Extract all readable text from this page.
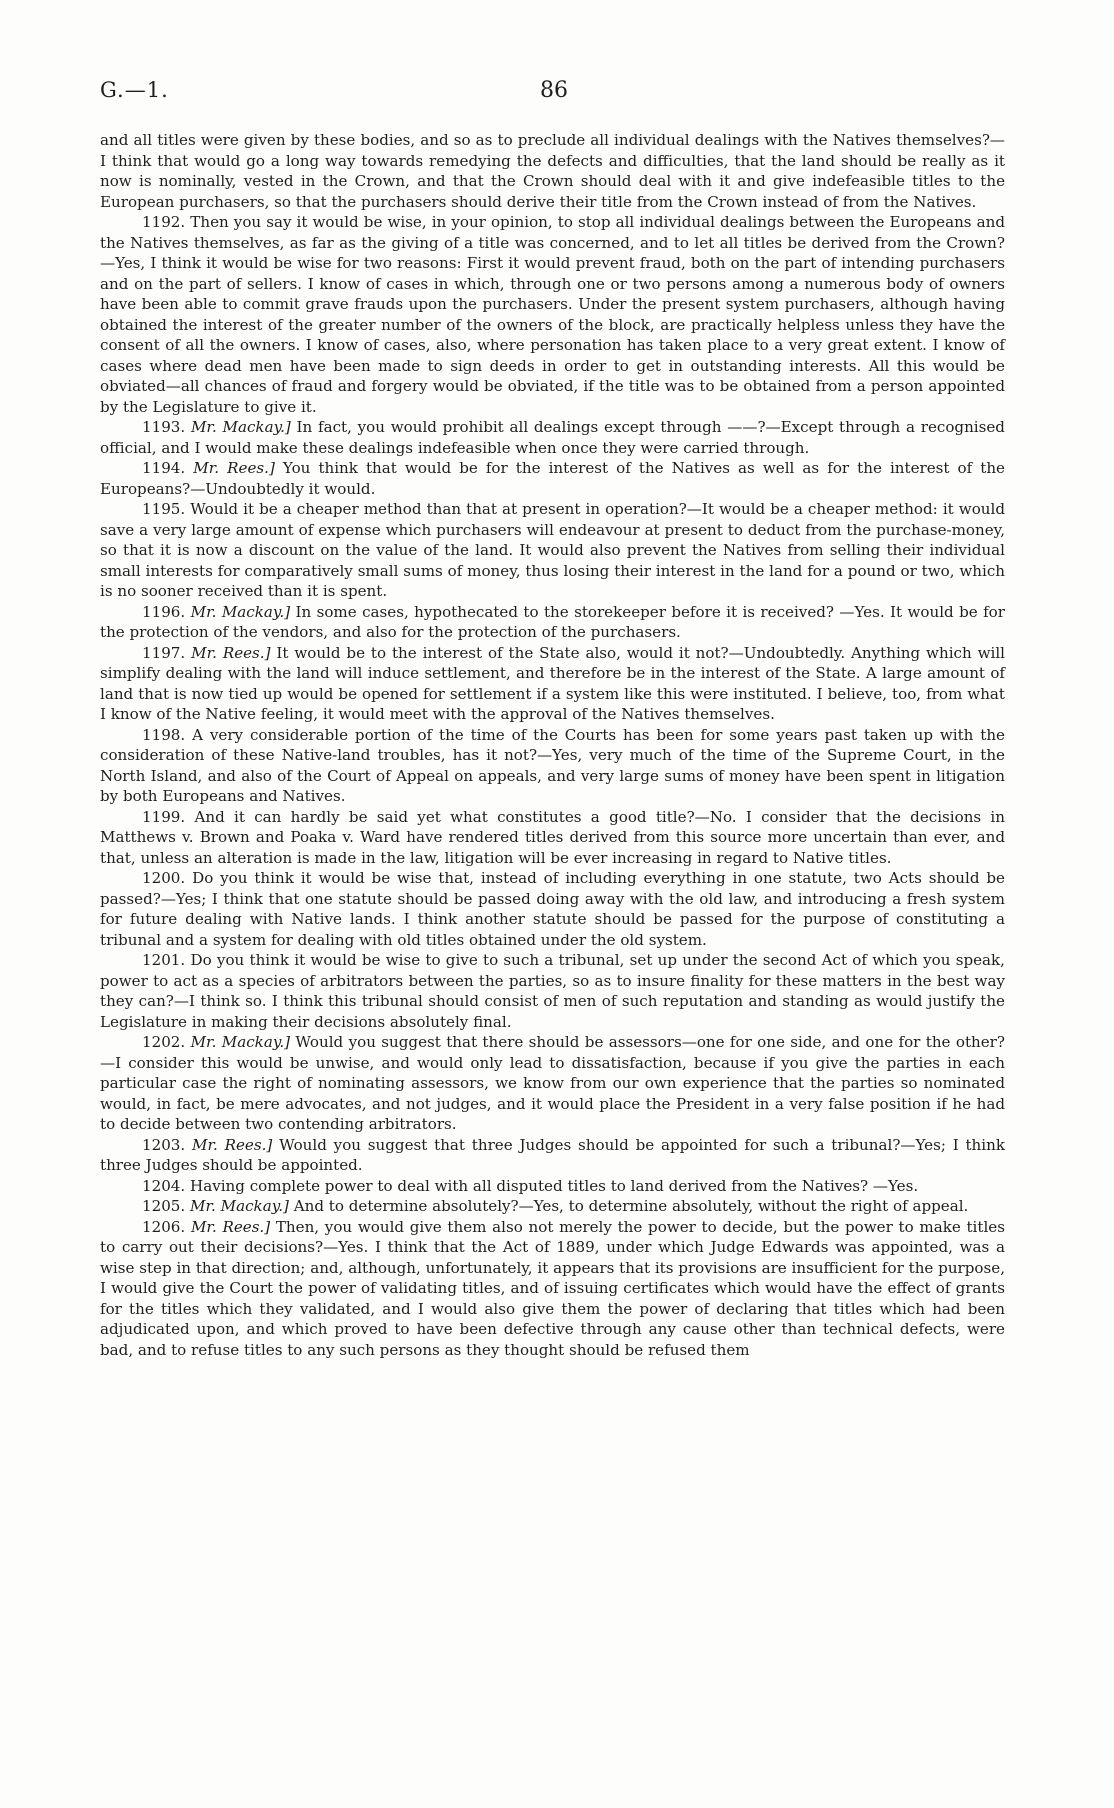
G.—1.	86

and all titles were given by these bodies, and so as to preclude all individual dealings with the Natives themselves?—I think that would go a long way towards remedying the defects and difficulties, that the land should be really as it now is nominally, vested in the Crown, and that the Crown should deal with it and give indefeasible titles to the European purchasers, so that the purchasers should derive their title from the Crown instead of from the Natives.

1192. Then you say it would be wise, in your opinion, to stop all individual dealings between the Europeans and the Natives themselves, as far as the giving of a title was concerned, and to let all titles be derived from the Crown?—Yes, I think it would be wise for two reasons: First it would prevent fraud, both on the part of intending purchasers and on the part of sellers. I know of cases in which, through one or two persons among a numerous body of owners have been able to commit grave frauds upon the purchasers. Under the present system purchasers, although having obtained the interest of the greater number of the owners of the block, are practically helpless unless they have the consent of all the owners. I know of cases, also, where personation has taken place to a very great extent. I know of cases where dead men have been made to sign deeds in order to get in outstanding interests. All this would be obviated—all chances of fraud and forgery would be obviated, if the title was to be obtained from a person appointed by the Legislature to give it.

1193. Mr. Mackay.] In fact, you would prohibit all dealings except through ——?—Except through a recognised official, and I would make these dealings indefeasible when once they were carried through.

1194. Mr. Rees.] You think that would be for the interest of the Natives as well as for the interest of the Europeans?—Undoubtedly it would.

1195. Would it be a cheaper method than that at present in operation?—It would be a cheaper method: it would save a very large amount of expense which purchasers will endeavour at present to deduct from the purchase-money, so that it is now a discount on the value of the land. It would also prevent the Natives from selling their individual small interests for comparatively small sums of money, thus losing their interest in the land for a pound or two, which is no sooner received than it is spent.

1196. Mr. Mackay.] In some cases, hypothecated to the storekeeper before it is received? —Yes. It would be for the protection of the vendors, and also for the protection of the purchasers.

1197. Mr. Rees.] It would be to the interest of the State also, would it not?—Undoubtedly. Anything which will simplify dealing with the land will induce settlement, and therefore be in the interest of the State. A large amount of land that is now tied up would be opened for settlement if a system like this were instituted. I believe, too, from what I know of the Native feeling, it would meet with the approval of the Natives themselves.

1198. A very considerable portion of the time of the Courts has been for some years past taken up with the consideration of these Native-land troubles, has it not?—Yes, very much of the time of the Supreme Court, in the North Island, and also of the Court of Appeal on appeals, and very large sums of money have been spent in litigation by both Europeans and Natives.

1199. And it can hardly be said yet what constitutes a good title?—No. I consider that the decisions in Matthews v. Brown and Poaka v. Ward have rendered titles derived from this source more uncertain than ever, and that, unless an alteration is made in the law, litigation will be ever increasing in regard to Native titles.

1200. Do you think it would be wise that, instead of including everything in one statute, two Acts should be passed?—Yes; I think that one statute should be passed doing away with the old law, and introducing a fresh system for future dealing with Native lands. I think another statute should be passed for the purpose of constituting a tribunal and a system for dealing with old titles obtained under the old system.

1201. Do you think it would be wise to give to such a tribunal, set up under the second Act of which you speak, power to act as a species of arbitrators between the parties, so as to insure finality for these matters in the best way they can?—I think so. I think this tribunal should consist of men of such reputation and standing as would justify the Legislature in making their decisions absolutely final.

1202. Mr. Mackay.] Would you suggest that there should be assessors—one for one side, and one for the other?—I consider this would be unwise, and would only lead to dissatisfaction, because if you give the parties in each particular case the right of nominating assessors, we know from our own experience that the parties so nominated would, in fact, be mere advocates, and not judges, and it would place the President in a very false position if he had to decide between two contending arbitrators.

1203. Mr. Rees.] Would you suggest that three Judges should be appointed for such a tribunal?—Yes; I think three Judges should be appointed.

1204. Having complete power to deal with all disputed titles to land derived from the Natives? —Yes.

1205. Mr. Mackay.] And to determine absolutely?—Yes, to determine absolutely, without the right of appeal.

1206. Mr. Rees.] Then, you would give them also not merely the power to decide, but the power to make titles to carry out their decisions?—Yes. I think that the Act of 1889, under which Judge Edwards was appointed, was a wise step in that direction; and, although, unfortunately, it appears that its provisions are insufficient for the purpose, I would give the Court the power of validating titles, and of issuing certificates which would have the effect of grants for the titles which they validated, and I would also give them the power of declaring that titles which had been adjudicated upon, and which proved to have been defective through any cause other than technical defects, were bad, and to refuse titles to any such persons as they thought should be refused them
